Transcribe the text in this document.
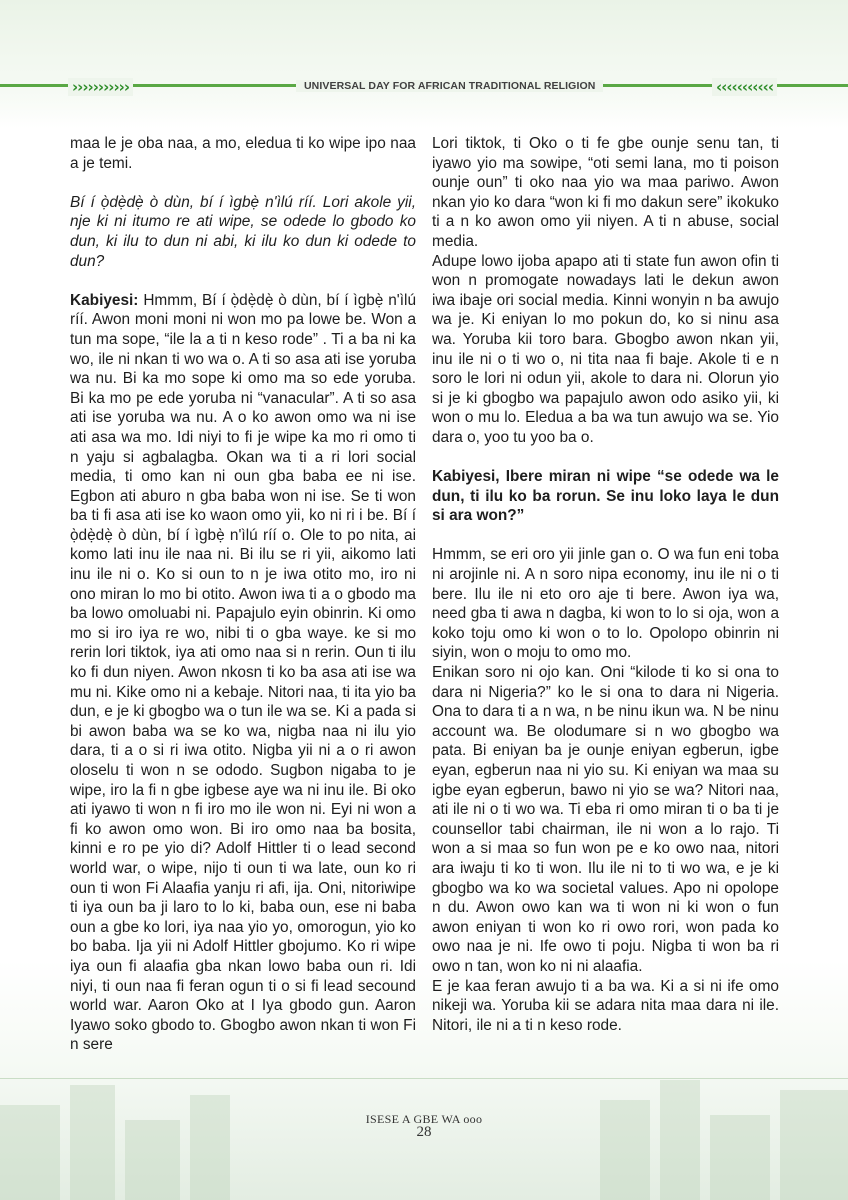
›››››››››››	UNIVERSAL DAY FOR AFRICAN TRADITIONAL RELIGION	‹‹‹‹‹‹‹‹‹‹‹

maa le je oba naa, a mo, eledua ti ko wipe ipo naa a je temi.

Bí í ọ̀dẹ̀dẹ̀ ò dùn, bí í ìgbẹ̀ n'ìlú ríí. Lori akole yii, nje ki ni itumo re ati wipe, se odede lo gbodo ko dun, ki ilu to dun ni abi, ki ilu ko dun ki odede to dun?

Kabiyesi: Hmmm, Bí í ọ̀dẹ̀dẹ̀ ò dùn, bí í ìgbẹ̀ n'ìlú ríí. Awon moni moni ni won mo pa lowe be. Won a tun ma sope, “ile la a ti n keso rode” . Ti a ba ni ka wo, ile ni nkan ti wo wa o. A ti so asa ati ise yoruba wa nu. Bi ka mo sope ki omo ma so ede yoruba. Bi ka mo pe ede yoruba ni “vanacular”. A ti so asa ati ise yoruba wa nu. A o ko awon omo wa ni ise ati asa wa mo. Idi niyi to fi je wipe ka mo ri omo ti n yaju si agbalagba. Okan wa ti a ri lori social media, ti omo kan ni oun gba baba ee ni ise. Egbon ati aburo n gba baba won ni ise. Se ti won ba ti fi asa ati ise ko waon omo yii, ko ni ri i be. Bí í ọ̀dẹ̀dẹ̀ ò dùn, bí í ìgbẹ̀ n'ìlú ríí o. Ole to po nita, ai komo lati inu ile naa ni. Bi ilu se ri yii, aikomo lati inu ile ni o. Ko si oun to n je iwa otito mo, iro ni ono miran lo mo bi otito. Awon iwa ti a o gbodo ma ba lowo omoluabi ni. Papajulo eyin obinrin. Ki omo mo si iro iya re wo, nibi ti o gba waye. ke si mo rerin lori tiktok, iya ati omo naa si n rerin. Oun ti ilu ko fi dun niyen. Awon nkosn ti ko ba asa ati ise wa mu ni. Kike omo ni a kebaje. Nitori naa, ti ita yio ba dun, e je ki gbogbo wa o tun ile wa se. Ki a pada si bi awon baba wa se ko wa, nigba naa ni ilu yio dara, ti a o si ri iwa otito. Nigba yii ni a o ri awon oloselu ti won n se ododo. Sugbon nigaba to je wipe, iro la fi n gbe igbese aye wa ni inu ile. Bi oko ati iyawo ti won n fi iro mo ile won ni. Eyi ni won a fi ko awon omo won. Bi iro omo naa ba bosita, kinni e ro pe yio di? Adolf Hittler ti o lead second world war, o wipe, nijo ti oun ti wa late, oun ko ri oun ti won Fi Alaafia yanju ri afi, ija. Oni, nitoriwipe ti iya oun ba ji laro to lo ki, baba oun, ese ni baba oun a gbe ko lori, iya naa yio yo, omorogun, yio ko bo baba. Ija yii ni Adolf Hittler gbojumo. Ko ri wipe iya oun fi alaafia gba nkan lowo baba oun ri. Idi niyi, ti oun naa fi feran ogun ti o si fi lead secound world war. Aaron Oko at I Iya gbodo gun. Aaron Iyawo soko gbodo to. Gbogbo awon nkan ti won Fi n sere

Lori tiktok, ti Oko o ti fe gbe ounje senu tan, ti iyawo yio ma sowipe, “oti semi lana, mo ti poison ounje oun” ti oko naa yio wa maa pariwo. Awon nkan yio ko dara “won ki fi mo dakun sere” ikokuko ti a n ko awon omo yii niyen. A ti n abuse, social media.

Adupe lowo ijoba apapo ati ti state fun awon ofin ti won n promogate nowadays lati le dekun awon iwa ibaje ori social media. Kinni wonyin n ba awujo wa je. Ki eniyan lo mo pokun do, ko si ninu asa wa. Yoruba kii toro bara. Gbogbo awon nkan yii, inu ile ni o ti wo o, ni tita naa fi baje. Akole ti e n soro le lori ni odun yii, akole to dara ni. Olorun yio si je ki gbogbo wa papajulo awon odo asiko yii, ki won o mu lo. Eledua a ba wa tun awujo wa se. Yio dara o, yoo tu yoo ba o.

Kabiyesi, Ibere miran ni wipe “se odede wa le dun, ti ilu ko ba rorun. Se inu loko laya le dun si ara won?”

Hmmm, se eri oro yii jinle gan o. O wa fun eni toba ni arojinle ni. A n soro nipa economy, inu ile ni o ti bere. Ilu ile ni eto oro aje ti bere. Awon iya wa, need gba ti awa n dagba, ki won to lo si oja, won a koko toju omo ki won o to lo. Opolopo obinrin ni siyin, won o moju to omo mo.

Enikan soro ni ojo kan. Oni “kilode ti ko si ona to dara ni Nigeria?” ko le si ona to dara ni Nigeria. Ona to dara ti a n wa, n be ninu ikun wa. N be ninu account wa. Be olodumare si n wo gbogbo wa pata. Bi eniyan ba je ounje eniyan egberun, igbe eyan, egberun naa ni yio su. Ki eniyan wa maa su igbe eyan egberun, bawo ni yio se wa? Nitori naa, ati ile ni o ti wo wa. Ti eba ri omo miran ti o ba ti je counsellor tabi chairman, ile ni won a lo rajo. Ti won a si maa so fun won pe e ko owo naa, nitori ara iwaju ti ko ti won. Ilu ile ni to ti wo wa, e je ki gbogbo wa ko wa societal values. Apo ni opolope n du. Awon owo kan wa ti won ni ki won o fun awon eniyan ti won ko ri owo rori, won pada ko owo naa je ni. Ife owo ti poju. Nigba ti won ba ri owo n tan, won ko ni ni alaafia.

E je kaa feran awujo ti a ba wa. Ki a si ni ife omo nikeji wa. Yoruba kii se adara nita maa dara ni ile. Nitori, ile ni a ti n keso rode.

ISESE A GBE WA ooo
28
